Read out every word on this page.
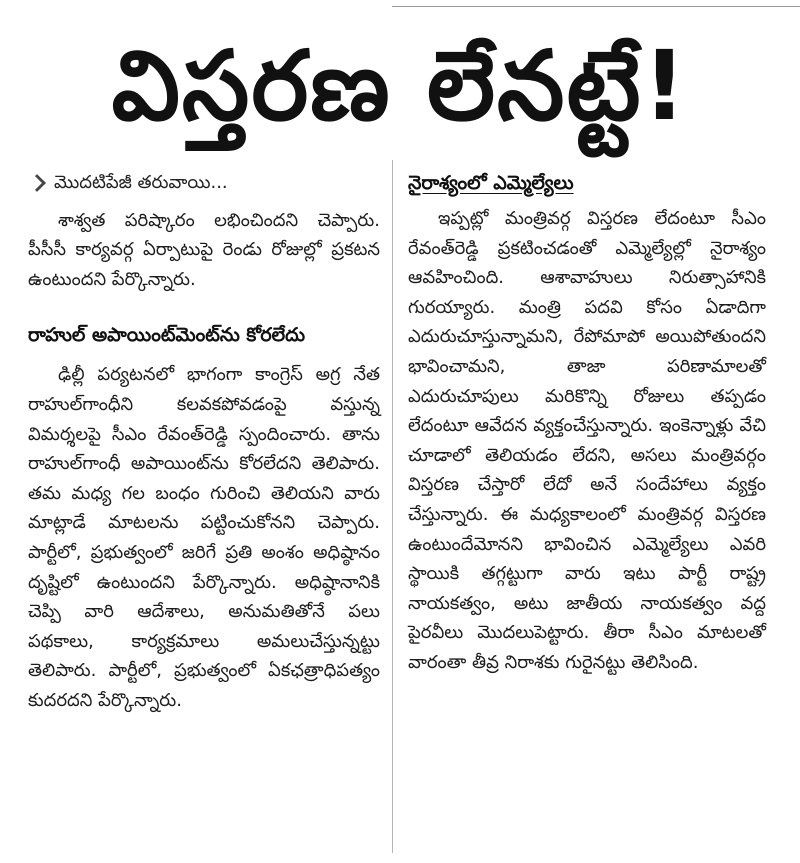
విస్తరణ లేనట్టే!
మొదటిపేజీ తరువాయి...

శాశ్వత పరిష్కారం లభించిందని చెప్పారు. పీసీసీ కార్యవర్గ ఏర్పాటుపై రెండు రోజుల్లో ప్రకటన ఉంటుందని పేర్కొన్నారు.

రాహుల్ అపాయింట్‌మెంట్‌ను కోరలేదు

ఢిల్లీ పర్యటనలో భాగంగా కాంగ్రెస్ అగ్ర నేత రాహుల్‌గాంధీని కలవకపోవడంపై వస్తున్న విమర్శలపై సీఎం రేవంత్‌రెడ్డి స్పందించారు. తాను రాహుల్‌గాంధీ అపాయింట్‌ను కోరలేదని తెలిపారు. తమ మధ్య గల బంధం గురించి తెలియని వారు మాట్లాడే మాటలను పట్టించుకోనని చెప్పారు. పార్టీలో, ప్రభుత్వంలో జరిగే ప్రతి అంశం అధిష్ఠానం దృష్టిలో ఉంటుందని పేర్కొన్నారు. అధిష్ఠానానికి చెప్పి వారి ఆదేశాలు, అనుమతితోనే పలు పథకాలు, కార్యక్రమాలు అమలుచేస్తున్నట్టు తెలిపారు. పార్టీలో, ప్రభుత్వంలో ఏకఛత్రాధిపత్యం కుదరదని పేర్కొన్నారు.

నైరాశ్యంలో ఎమ్మెల్యేలు

ఇప్పట్లో మంత్రివర్గ విస్తరణ లేదంటూ సీఎం రేవంత్‌రెడ్డి ప్రకటించడంతో ఎమ్మెల్యేల్లో నైరాశ్యం ఆవహించింది. ఆశావాహులు నిరుత్సాహానికి గురయ్యారు. మంత్రి పదవి కోసం ఏడాదిగా ఎదురుచూస్తున్నామని, రేపోమాపో అయిపోతుందని భావించామని, తాజా పరిణామాలతో ఎదురుచూపులు మరికొన్ని రోజులు తప్పడం లేదంటూ ఆవేదన వ్యక్తంచేస్తున్నారు. ఇంకెన్నాళ్లు వేచి చూడాలో తెలియడం లేదని, అసలు మంత్రివర్గం విస్తరణ చేస్తారో లేదో అనే సందేహాలు వ్యక్తం చేస్తున్నారు. ఈ మధ్యకాలంలో మంత్రివర్గ విస్తరణ ఉంటుందేమోనని భావించిన ఎమ్మెల్యేలు ఎవరి స్థాయికి తగ్గట్టుగా వారు ఇటు పార్టీ రాష్ట్ర నాయకత్వం, అటు జాతీయ నాయకత్వం వద్ద పైరవీలు మొదలుపెట్టారు. తీరా సీఎం మాటలతో వారంతా తీవ్ర నిరాశకు గురైనట్టు తెలిసింది.
